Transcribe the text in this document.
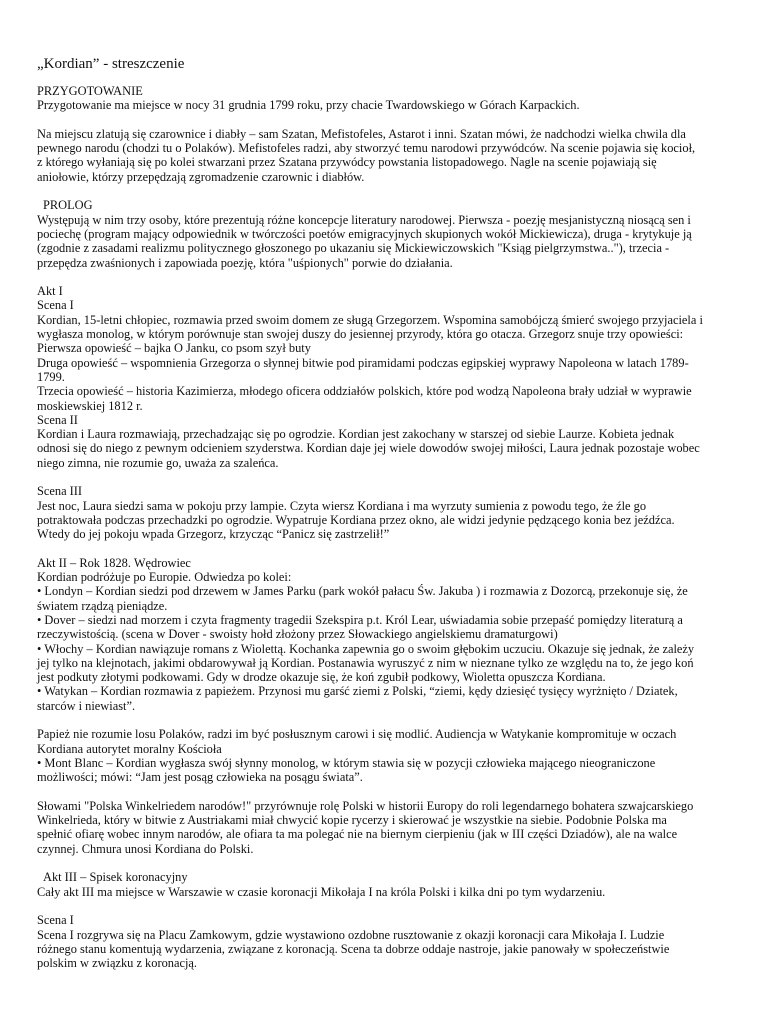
„Kordian” - streszczenie
PRZYGOTOWANIE
Przygotowanie ma miejsce w nocy 31 grudnia 1799 roku, przy chacie Twardowskiego w Górach Karpackich.
Na miejscu zlatują się czarownice i diabły – sam Szatan, Mefistofeles, Astarot i inni. Szatan mówi, że nadchodzi wielka chwila dla
pewnego narodu (chodzi tu o Polaków). Mefistofeles radzi, aby stworzyć temu narodowi przywódców. Na scenie pojawia się kocioł,
z którego wyłaniają się po kolei stwarzani przez Szatana przywódcy powstania listopadowego. Nagle na scenie pojawiają się
aniołowie, którzy przepędzają zgromadzenie czarownic i diabłów.
PROLOG
Występują w nim trzy osoby, które prezentują różne koncepcje literatury narodowej. Pierwsza - poezję mesjanistyczną niosącą sen i
pociechę (program mający odpowiednik w twórczości poetów emigracyjnych skupionych wokół Mickiewicza), druga - krytykuje ją
(zgodnie z zasadami realizmu politycznego głoszonego po ukazaniu się Mickiewiczowskich "Ksiąg pielgrzymstwa.."), trzecia -
przepędza zwaśnionych i zapowiada poezję, która "uśpionych" porwie do działania.
Akt I
Scena I
Kordian, 15-letni chłopiec, rozmawia przed swoim domem ze sługą Grzegorzem. Wspomina samobójczą śmierć swojego przyjaciela i
wygłasza monolog, w którym porównuje stan swojej duszy do jesiennej przyrody, która go otacza. Grzegorz snuje trzy opowieści:
Pierwsza opowieść – bajka O Janku, co psom szył buty
Druga opowieść – wspomnienia Grzegorza o słynnej bitwie pod piramidami podczas egipskiej wyprawy Napoleona w latach 1789-
1799.
Trzecia opowieść – historia Kazimierza, młodego oficera oddziałów polskich, które pod wodzą Napoleona brały udział w wyprawie
moskiewskiej 1812 r.
Scena II
Kordian i Laura rozmawiają, przechadzając się po ogrodzie. Kordian jest zakochany w starszej od siebie Laurze. Kobieta jednak
odnosi się do niego z pewnym odcieniem szyderstwa. Kordian daje jej wiele dowodów swojej miłości, Laura jednak pozostaje wobec
niego zimna, nie rozumie go, uważa za szaleńca.
Scena III
Jest noc, Laura siedzi sama w pokoju przy lampie. Czyta wiersz Kordiana i ma wyrzuty sumienia z powodu tego, że źle go
potraktowała podczas przechadzki po ogrodzie. Wypatruje Kordiana przez okno, ale widzi jedynie pędzącego konia bez jeźdźca.
Wtedy do jej pokoju wpada Grzegorz, krzycząc “Panicz się zastrzelił!”
Akt II – Rok 1828. Wędrowiec
Kordian podróżuje po Europie. Odwiedza po kolei:
• Londyn – Kordian siedzi pod drzewem w James Parku (park wokół pałacu Św. Jakuba ) i rozmawia z Dozorcą, przekonuje się, że
światem rządzą pieniądze.
• Dover – siedzi nad morzem i czyta fragmenty tragedii Szekspira p.t. Król Lear, uświadamia sobie przepaść pomiędzy literaturą a
rzeczywistością. (scena w Dover - swoisty hołd złożony przez Słowackiego angielskiemu dramaturgowi)
• Włochy – Kordian nawiązuje romans z Wiolettą. Kochanka zapewnia go o swoim głębokim uczuciu. Okazuje się jednak, że zależy
jej tylko na klejnotach, jakimi obdarowywał ją Kordian. Postanawia wyruszyć z nim w nieznane tylko ze względu na to, że jego koń
jest podkuty złotymi podkowami. Gdy w drodze okazuje się, że koń zgubił podkowy, Wioletta opuszcza Kordiana.
• Watykan – Kordian rozmawia z papieżem. Przynosi mu garść ziemi z Polski, “ziemi, kędy dziesięć tysięcy wyrżnięto / Dziatek,
starców i niewiast”.
Papież nie rozumie losu Polaków, radzi im być posłusznym carowi i się modlić. Audiencja w Watykanie kompromituje w oczach
Kordiana autorytet moralny Kościoła
• Mont Blanc – Kordian wygłasza swój słynny monolog, w którym stawia się w pozycji człowieka mającego nieograniczone
możliwości; mówi: “Jam jest posąg człowieka na posągu świata”.
Słowami "Polska Winkelriedem narodów!" przyrównuje rolę Polski w historii Europy do roli legendarnego bohatera szwajcarskiego
Winkelrieda, który w bitwie z Austriakami miał chwycić kopie rycerzy i skierować je wszystkie na siebie. Podobnie Polska ma
spełnić ofiarę wobec innym narodów, ale ofiara ta ma polegać nie na biernym cierpieniu (jak w III części Dziadów), ale na walce
czynnej. Chmura unosi Kordiana do Polski.
Akt III – Spisek koronacyjny
Cały akt III ma miejsce w Warszawie w czasie koronacji Mikołaja I na króla Polski i kilka dni po tym wydarzeniu.
Scena I
Scena I rozgrywa się na Placu Zamkowym, gdzie wystawiono ozdobne rusztowanie z okazji koronacji cara Mikołaja I. Ludzie
różnego stanu komentują wydarzenia, związane z koronacją. Scena ta dobrze oddaje nastroje, jakie panowały w społeczeństwie
polskim w związku z koronacją.
